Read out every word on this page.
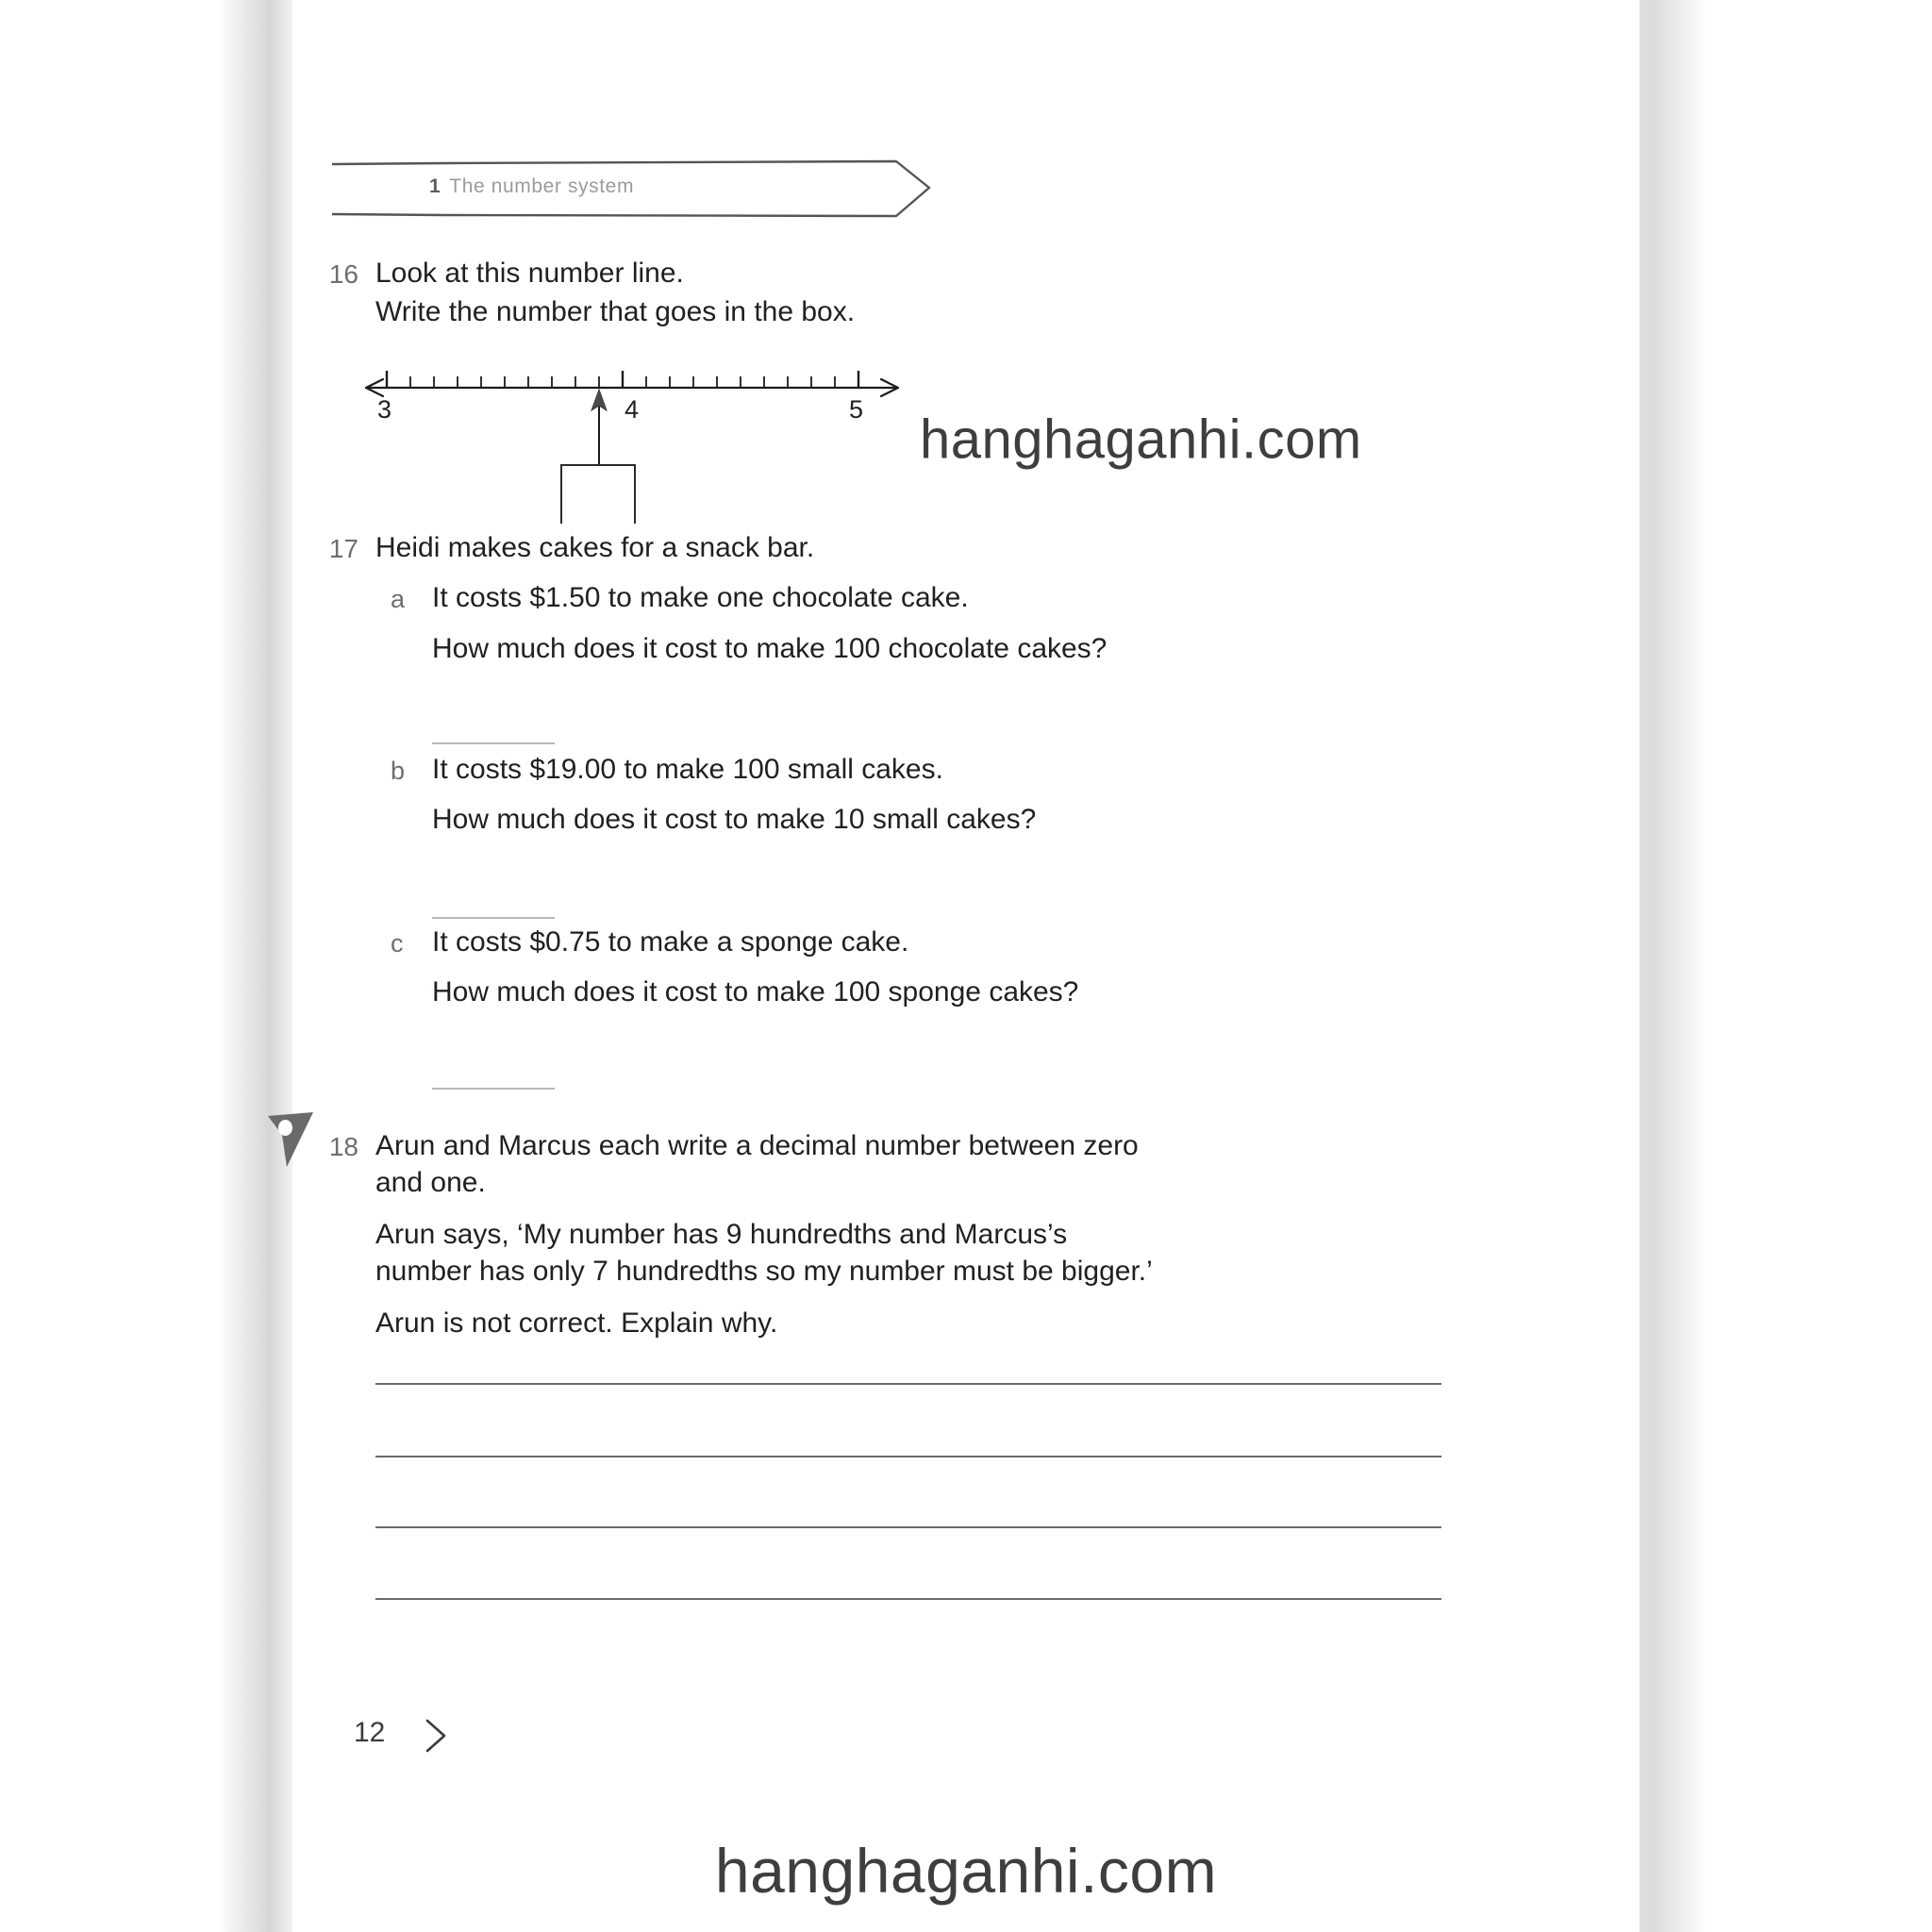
1 The number system
16 Look at this number line.
Write the number that goes in the box.
3	4	5
17 Heidi makes cakes for a snack bar.
a It costs $1.50 to make one chocolate cake.
How much does it cost to make 100 chocolate cakes?
b It costs $19.00 to make 100 small cakes.
How much does it cost to make 10 small cakes?
c It costs $0.75 to make a sponge cake.
How much does it cost to make 100 sponge cakes?
18 Arun and Marcus each write a decimal number between zero
and one.
Arun says, ‘My number has 9 hundredths and Marcus’s
number has only 7 hundredths so my number must be bigger.’
Arun is not correct. Explain why.
12
hanghaganhi.com
hanghaganhi.com
